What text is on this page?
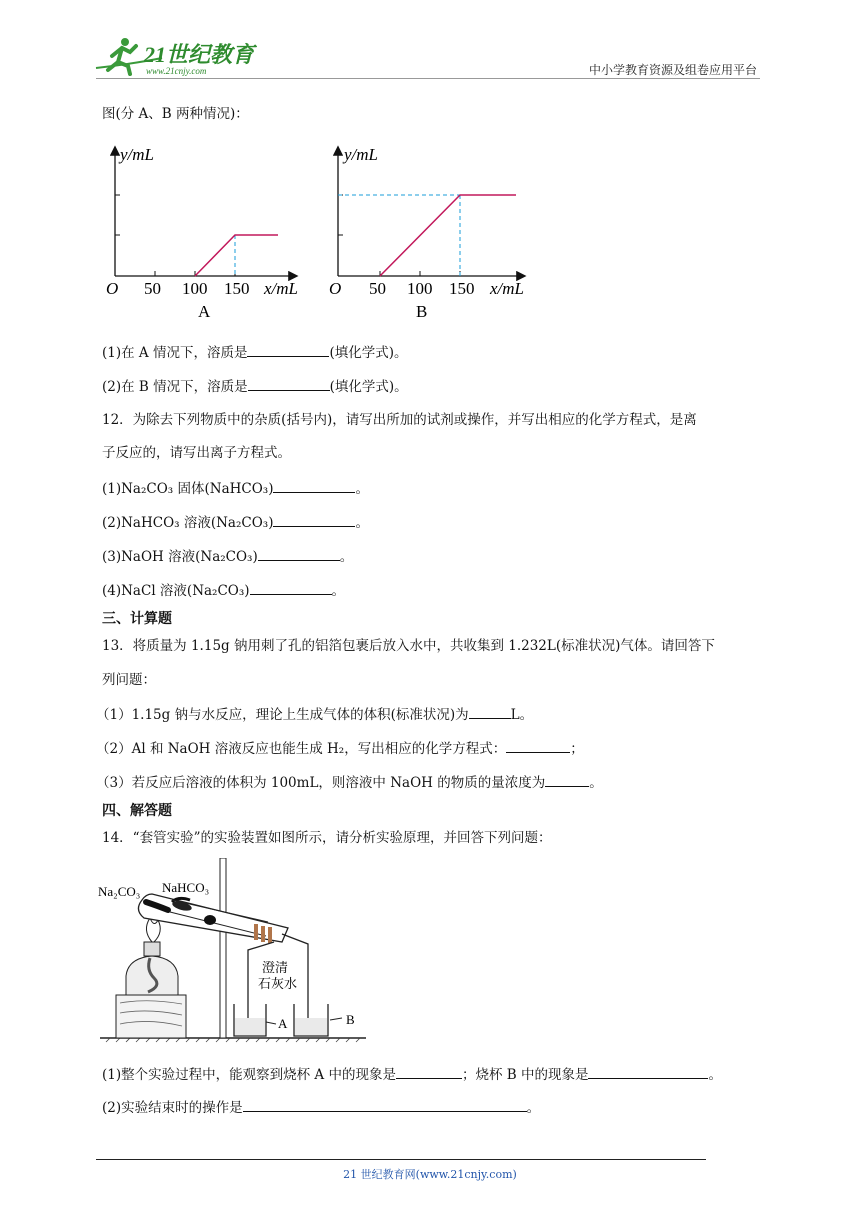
21世纪教育
www.21cnjy.com	中小学教育资源及组卷应用平台
图(分 A、B 两种情况)：
y/mL
O 50 100 150 x/mL
A
y/mL
O 50 100 150 x/mL
B
(1)在 A 情况下，溶质是	(填化学式)。
(2)在 B 情况下，溶质是	(填化学式)。
12．为除去下列物质中的杂质(括号内)，请写出所加的试剂或操作，并写出相应的化学方程式，是离
子反应的，请写出离子方程式。
(1)Na₂CO₃ 固体(NaHCO₃)	。
(2)NaHCO₃ 溶液(Na₂CO₃)	。
(3)NaOH 溶液(Na₂CO₃)	。
(4)NaCl 溶液(Na₂CO₃)	。
三、计算题
13．将质量为 1.15g 钠用刺了孔的铝箔包裹后放入水中，共收集到 1.232L(标准状况)气体。请回答下
列问题：
（1）1.15g 钠与水反应，理论上生成气体的体积(标准状况)为	L。
（2）Al 和 NaOH 溶液反应也能生成 H₂，写出相应的化学方程式：	；
（3）若反应后溶液的体积为 100mL，则溶液中 NaOH 的物质的量浓度为	。
四、解答题
14．“套管实验”的实验装置如图所示，请分析实验原理，并回答下列问题：
Na₂CO₃ NaHCO₃
澄清
石灰水
A	B
(1)整个实验过程中，能观察到烧杯 A 中的现象是	；烧杯 B 中的现象是	。
(2)实验结束时的操作是	。
21 世纪教育网(www.21cnjy.com)
